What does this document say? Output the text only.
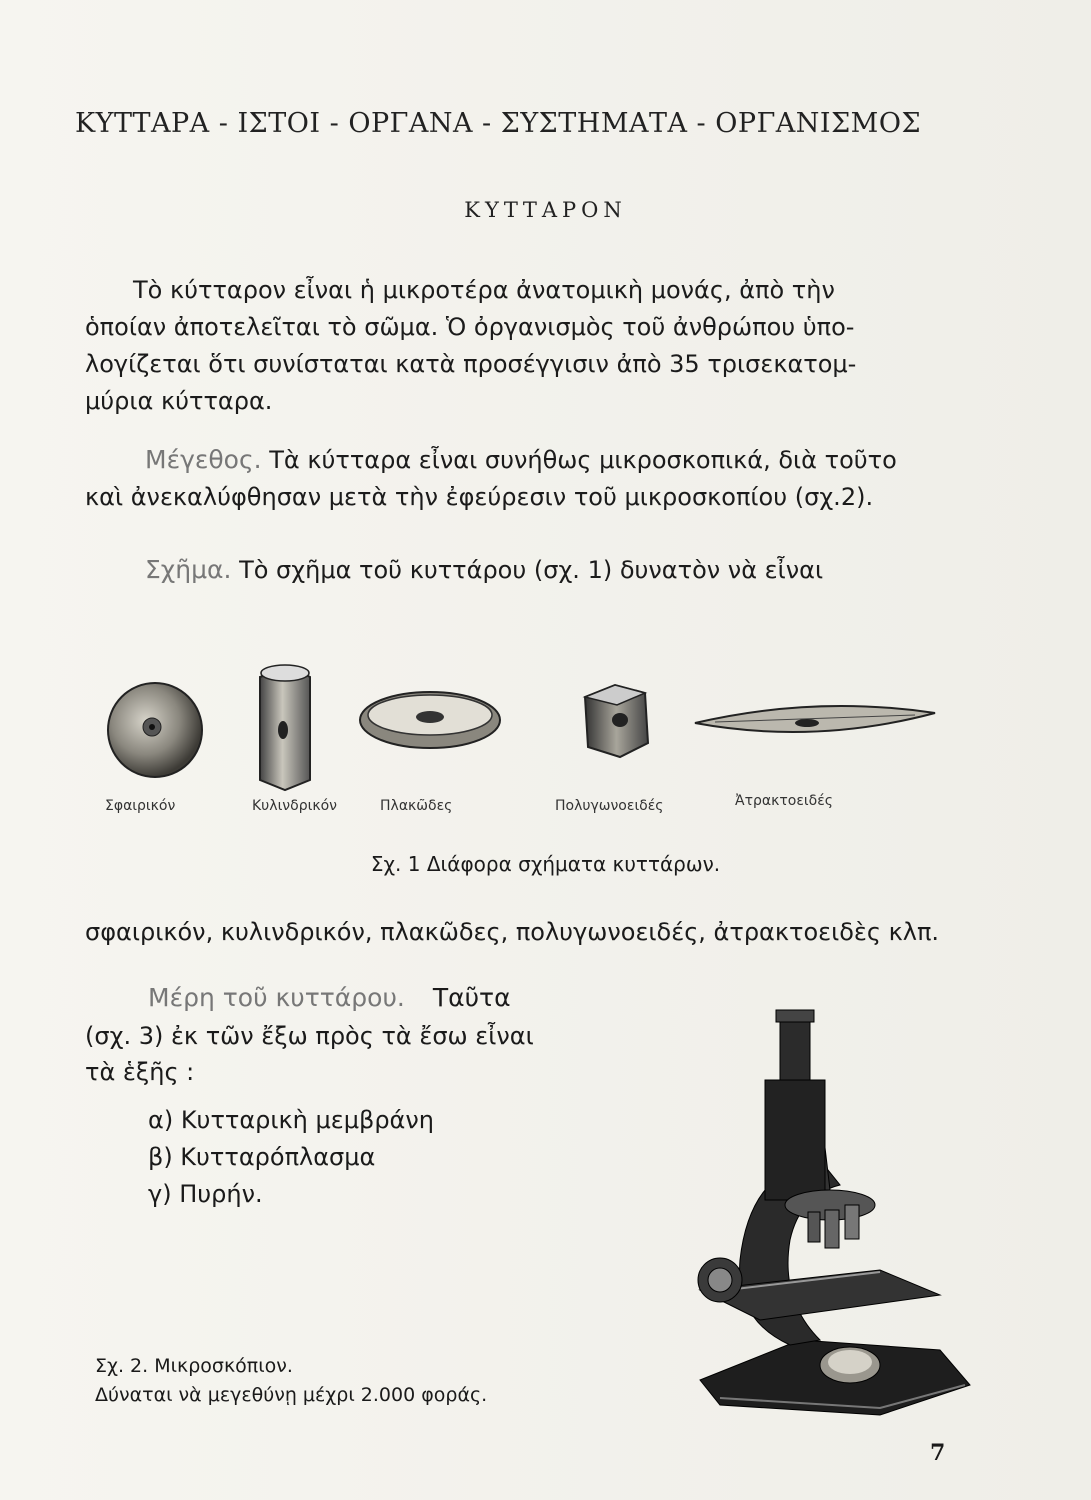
ΚΥΤΤΑΡΑ - ΙΣΤΟΙ - ΟΡΓΑΝΑ - ΣΥΣΤΗΜΑΤΑ - ΟΡΓΑΝΙΣΜΟΣ
ΚΥΤΤΑΡΟΝ

Τὸ κύτταρον εἶναι ἡ μικροτέρα ἀνατομικὴ μονάς, ἀπὸ τὴν

ὁποίαν ἀποτελεῖται τὸ σῶμα. Ὁ ὀργανισμὸς τοῦ ἀνθρώπου ὑπο-

λογίζεται ὅτι συνίσταται κατὰ προσέγγισιν ἀπὸ 35 τρισεκατομ-

μύρια κύτταρα.

Μέγεθος. Τὰ κύτταρα εἶναι συνήθως μικροσκοπικά, διὰ τοῦτο

καὶ ἀνεκαλύφθησαν μετὰ τὴν ἐφεύρεσιν τοῦ μικροσκοπίου (σχ.2).

Σχῆμα. Τὸ σχῆμα τοῦ κυττάρου (σχ. 1) δυνατὸν νὰ εἶναι

Σφαιρικόν	Κυλινδρικόν	Πλακῶδες	Πολυγωνοειδές	Ἀτρακτοειδές
Σχ. 1 Διάφορα σχήματα κυττάρων.
σφαιρικόν, κυλινδρικόν, πλακῶδες, πολυγωνοειδές, ἀτρακτοειδὲς κλπ.
Μέρη τοῦ κυττάρου. Ταῦτα
(σχ. 3) ἐκ τῶν ἔξω πρὸς τὰ ἔσω εἶναι
τὰ ἑξῆς :
α) Κυτταρικὴ μεμβράνη
β) Κυτταρόπλασμα
γ) Πυρήν.
Σχ. 2. Μικροσκόπιον.
Δύναται νὰ μεγεθύνῃ μέχρι 2.000 φοράς.
7
